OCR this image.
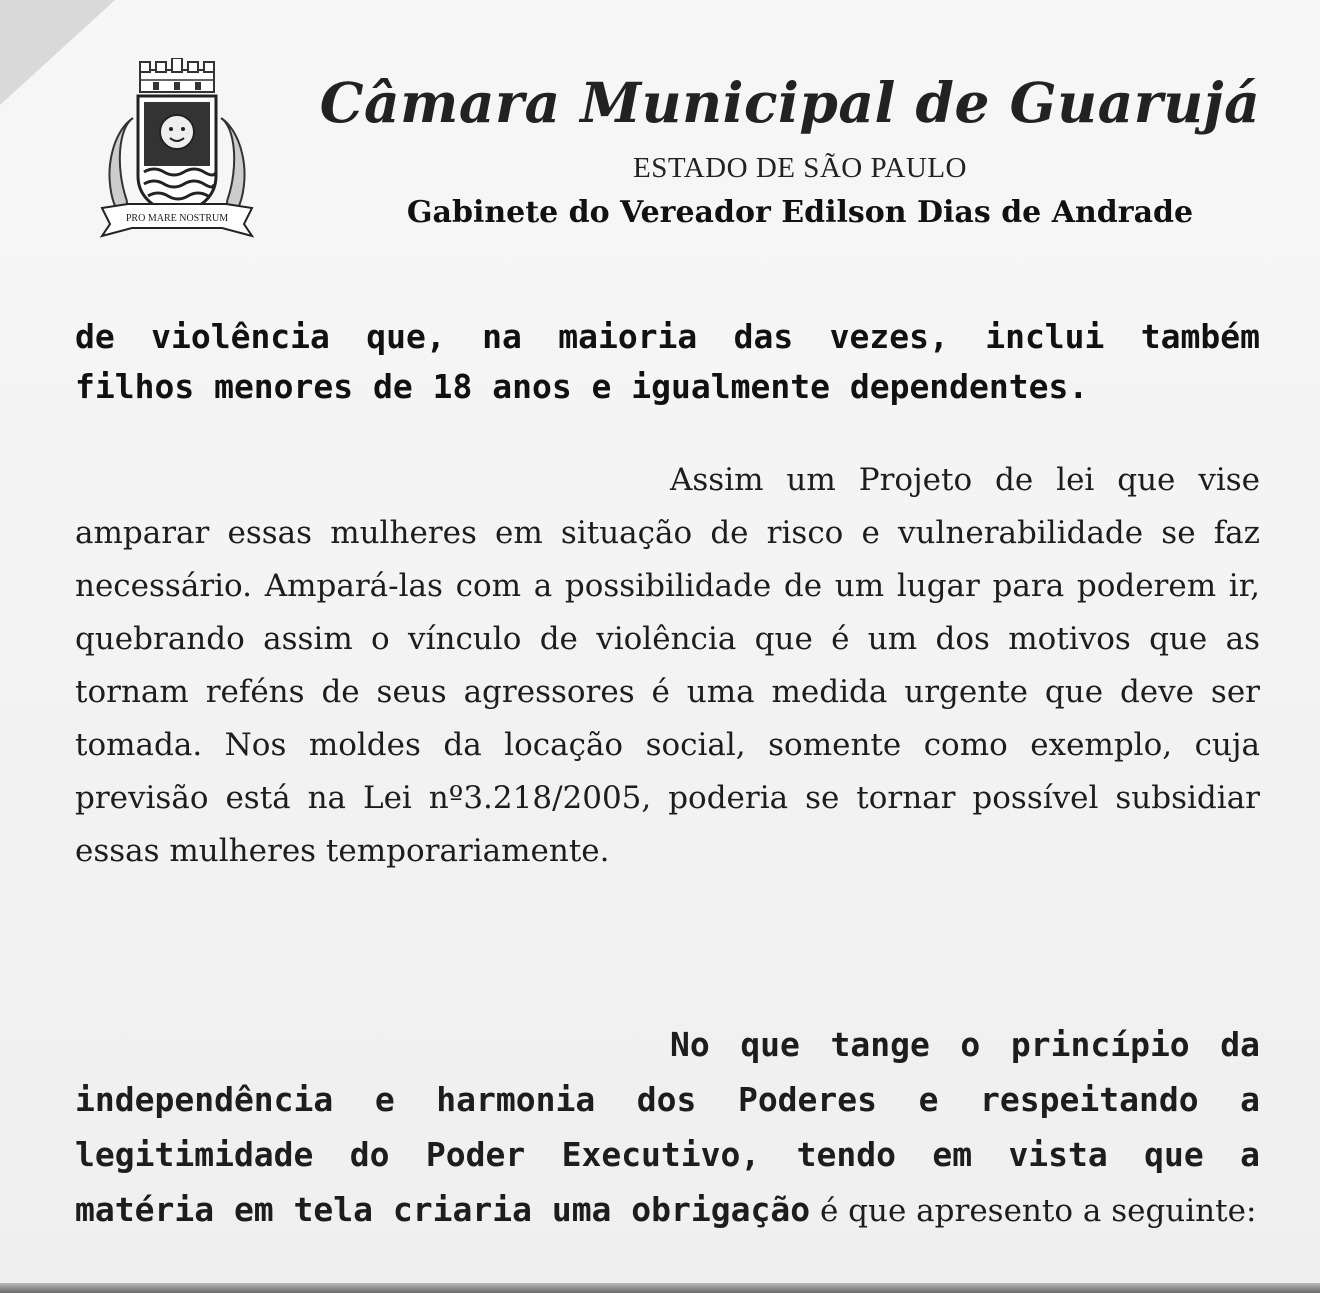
PRO MARE NOSTRUM
Câmara Municipal de Guarujá
ESTADO DE SÃO PAULO
Gabinete do Vereador Edilson Dias de Andrade
de violência que, na maioria das vezes, inclui também filhos menores de 18 anos e igualmente dependentes.
Assim um Projeto de lei que vise amparar essas mulheres em situação de risco e vulnerabilidade se faz necessário. Ampará-las com a possibilidade de um lugar para poderem ir, quebrando assim o vínculo de violência que é um dos motivos que as tornam reféns de seus agressores é uma medida urgente que deve ser tomada. Nos moldes da locação social, somente como exemplo, cuja previsão está na Lei nº3.218/2005, poderia se tornar possível subsidiar essas mulheres temporariamente.
No que tange o princípio da independência e harmonia dos Poderes e respeitando a legitimidade do Poder Executivo, tendo em vista que a matéria em tela criaria uma obrigação é que apresento a seguinte:
